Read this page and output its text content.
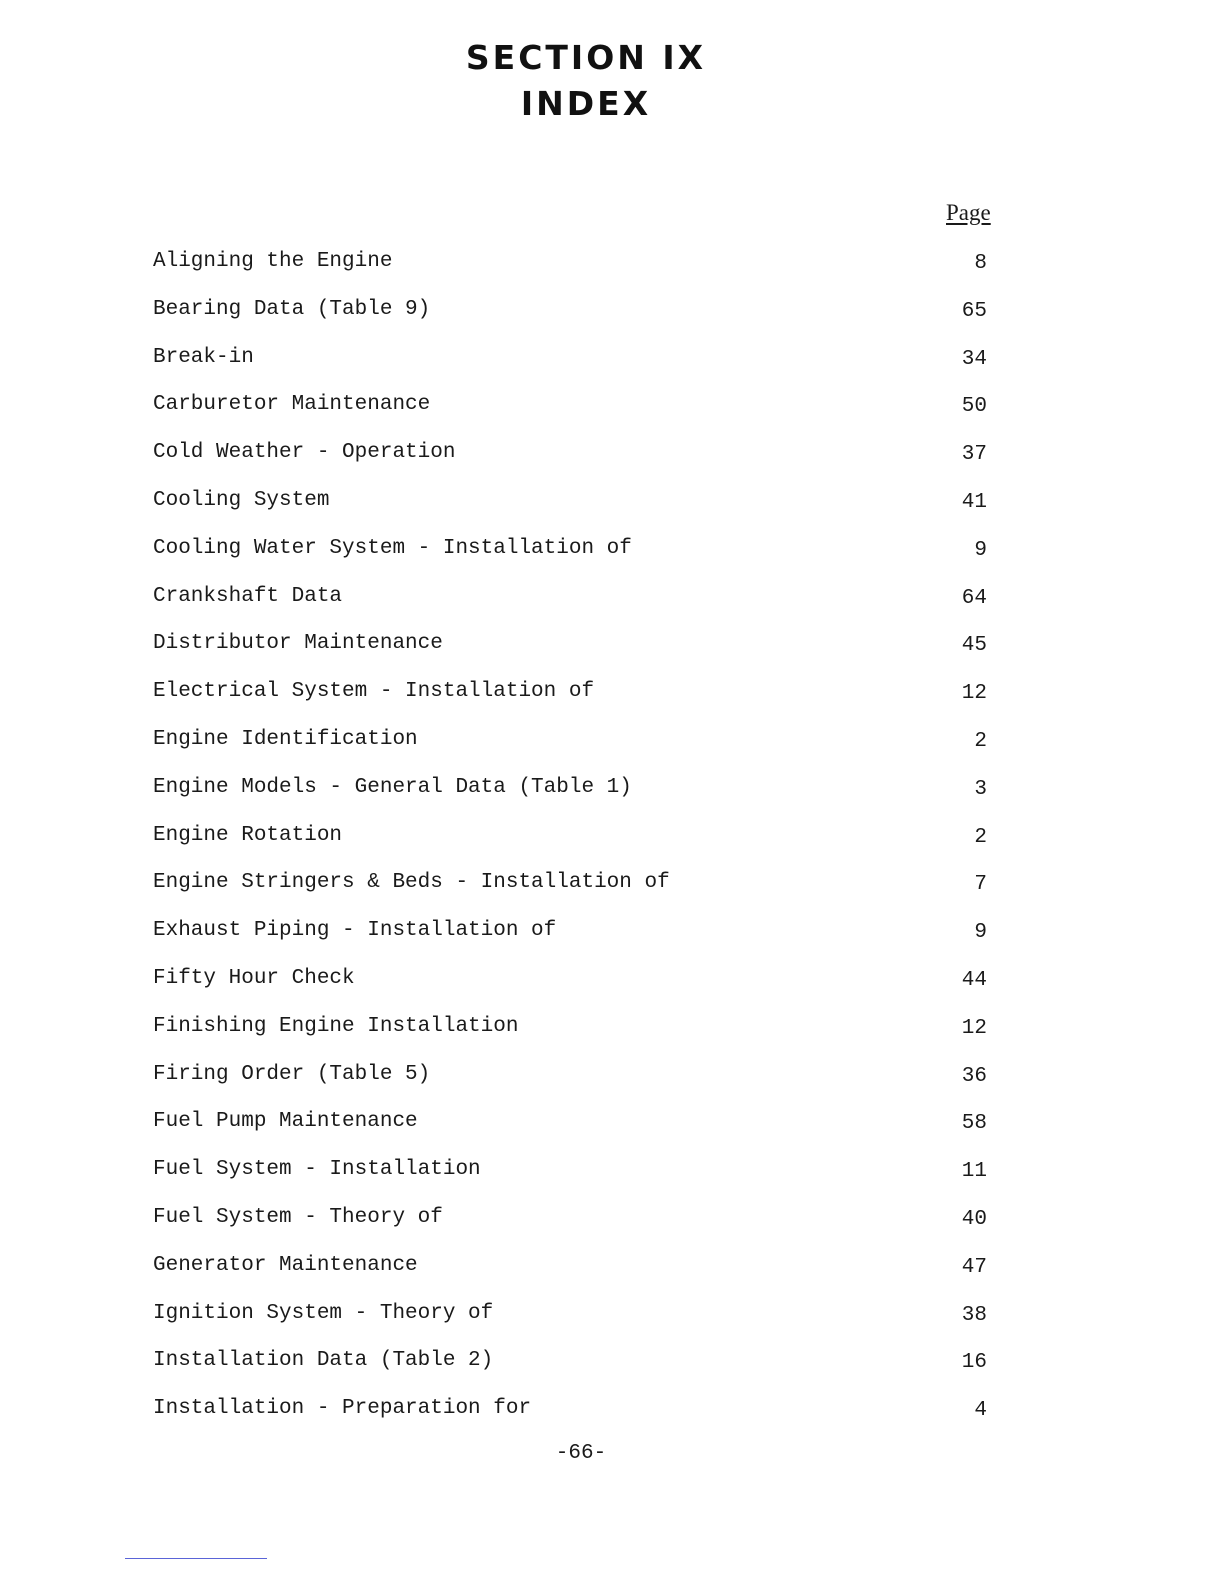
SECTION IX
INDEX
Page
Aligning the Engine	8
Bearing Data (Table 9)	65
Break-in	34
Carburetor Maintenance	50
Cold Weather - Operation	37
Cooling System	41
Cooling Water System - Installation of	9
Crankshaft Data	64
Distributor Maintenance	45
Electrical System - Installation of	12
Engine Identification	2
Engine Models - General Data (Table 1)	3
Engine Rotation	2
Engine Stringers & Beds - Installation of	7
Exhaust Piping - Installation of	9
Fifty Hour Check	44
Finishing Engine Installation	12
Firing Order (Table 5)	36
Fuel Pump Maintenance	58
Fuel System - Installation	11
Fuel System - Theory of	40
Generator Maintenance	47
Ignition System - Theory of	38
Installation Data (Table 2)	16
Installation - Preparation for	4
-66-
